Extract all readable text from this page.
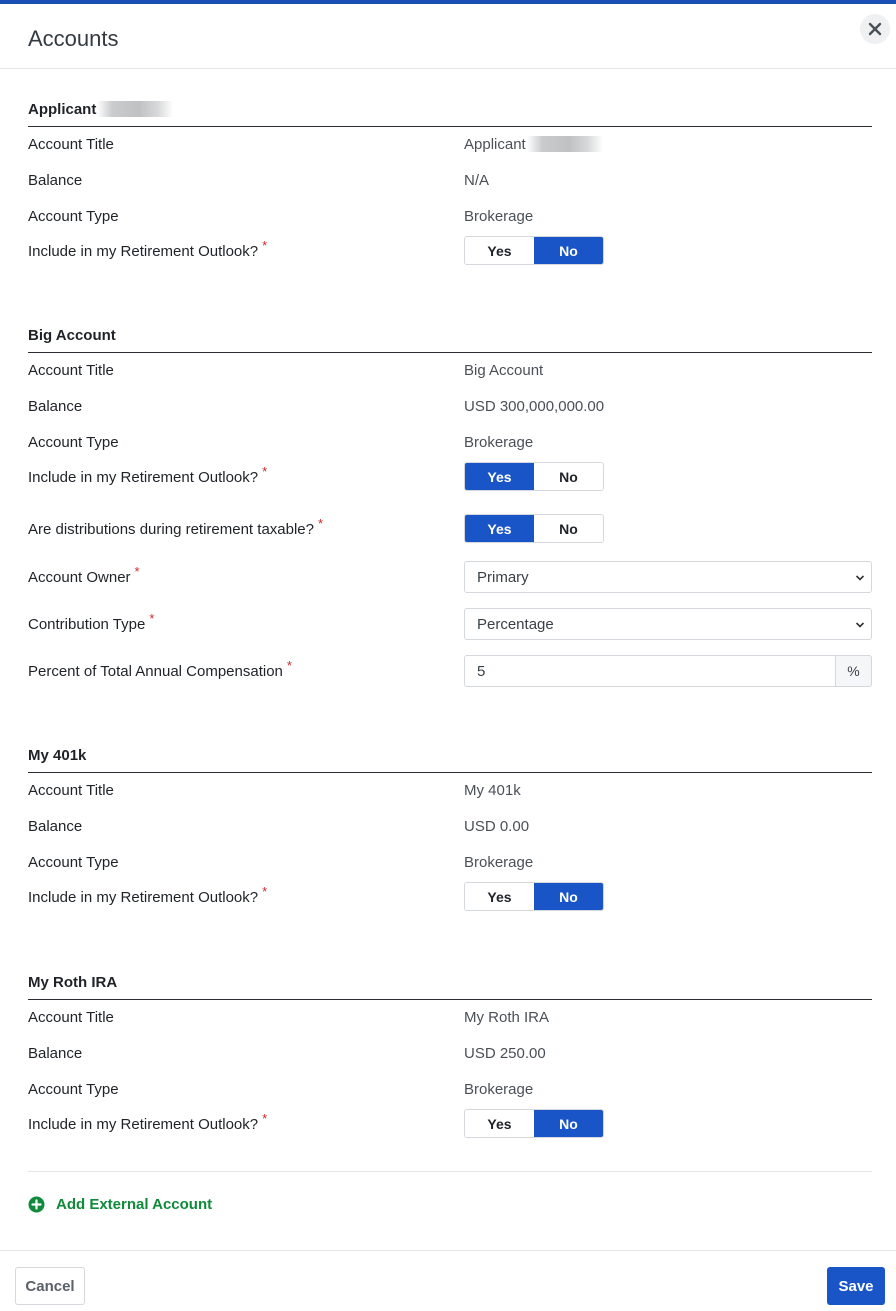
Accounts
Applicant
Account Title	Applicant
Balance	N/A
Account Type	Brokerage
Include in my Retirement Outlook? *	Yes	No
Big Account
Account Title	Big Account
Balance	USD 300,000,000.00
Account Type	Brokerage
Include in my Retirement Outlook? *	Yes	No
Are distributions during retirement taxable? *	Yes	No
Account Owner *	Primary
Contribution Type *	Percentage
Percent of Total Annual Compensation *	5	%
My 401k
Account Title	My 401k
Balance	USD 0.00
Account Type	Brokerage
Include in my Retirement Outlook? *	Yes	No
My Roth IRA
Account Title	My Roth IRA
Balance	USD 250.00
Account Type	Brokerage
Include in my Retirement Outlook? *	Yes	No
Add External Account
Cancel	Save
